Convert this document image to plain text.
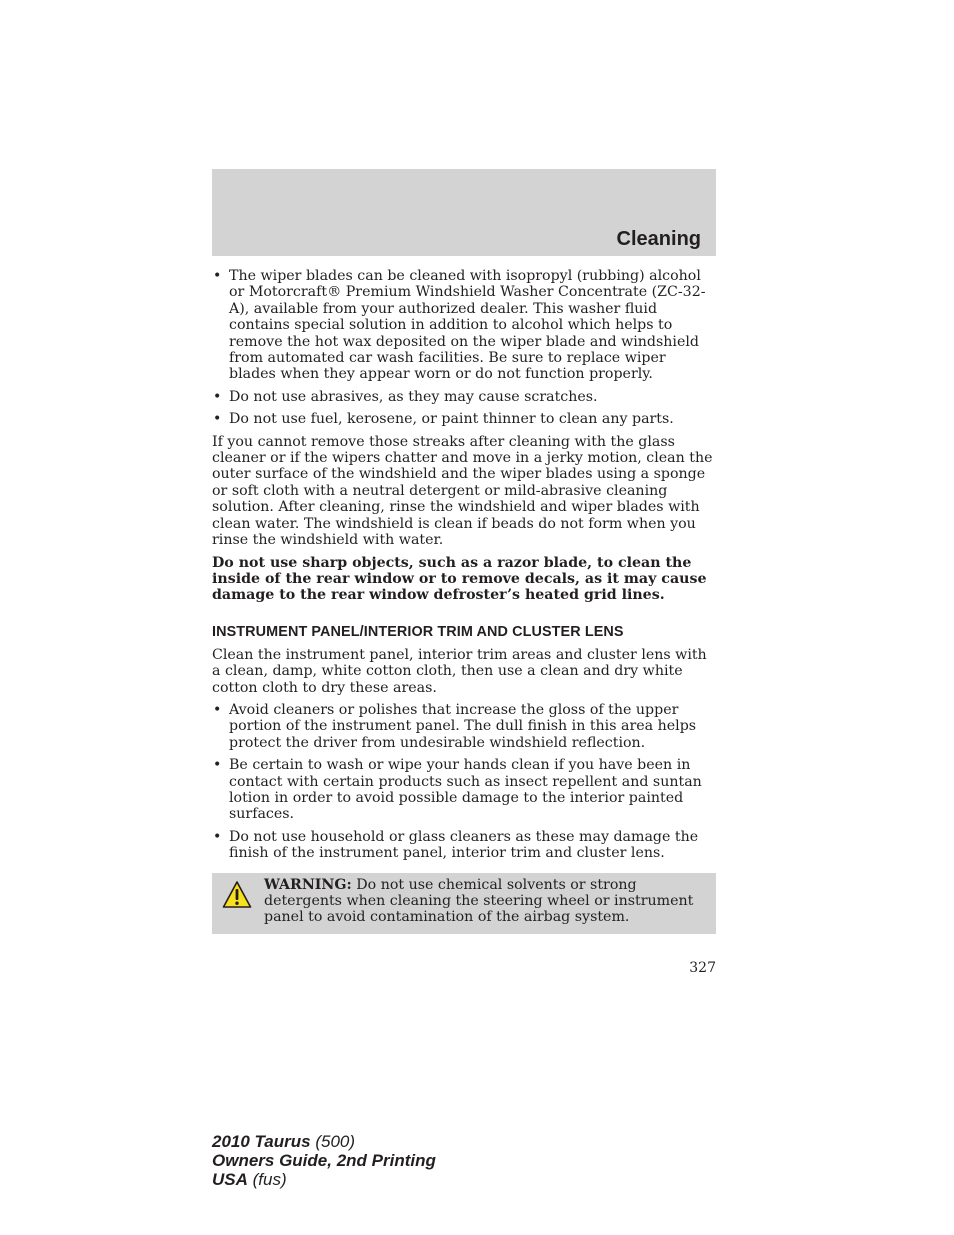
Cleaning
• The wiper blades can be cleaned with isopropyl (rubbing) alcohol or Motorcraft® Premium Windshield Washer Concentrate (ZC-32-A), available from your authorized dealer. This washer fluid contains special solution in addition to alcohol which helps to remove the hot wax deposited on the wiper blade and windshield from automated car wash facilities. Be sure to replace wiper blades when they appear worn or do not function properly.
• Do not use abrasives, as they may cause scratches.
• Do not use fuel, kerosene, or paint thinner to clean any parts.

If you cannot remove those streaks after cleaning with the glass cleaner or if the wipers chatter and move in a jerky motion, clean the outer surface of the windshield and the wiper blades using a sponge or soft cloth with a neutral detergent or mild-abrasive cleaning solution. After cleaning, rinse the windshield and wiper blades with clean water. The windshield is clean if beads do not form when you rinse the windshield with water.

Do not use sharp objects, such as a razor blade, to clean the inside of the rear window or to remove decals, as it may cause damage to the rear window defroster’s heated grid lines.

INSTRUMENT PANEL/INTERIOR TRIM AND CLUSTER LENS

Clean the instrument panel, interior trim areas and cluster lens with a clean, damp, white cotton cloth, then use a clean and dry white cotton cloth to dry these areas.

• Avoid cleaners or polishes that increase the gloss of the upper portion of the instrument panel. The dull finish in this area helps protect the driver from undesirable windshield reflection.
• Be certain to wash or wipe your hands clean if you have been in contact with certain products such as insect repellent and suntan lotion in order to avoid possible damage to the interior painted surfaces.
• Do not use household or glass cleaners as these may damage the finish of the instrument panel, interior trim and cluster lens.
WARNING: Do not use chemical solvents or strong detergents when cleaning the steering wheel or instrument panel to avoid contamination of the airbag system.
327
2010 Taurus (500)
Owners Guide, 2nd Printing
USA (fus)
